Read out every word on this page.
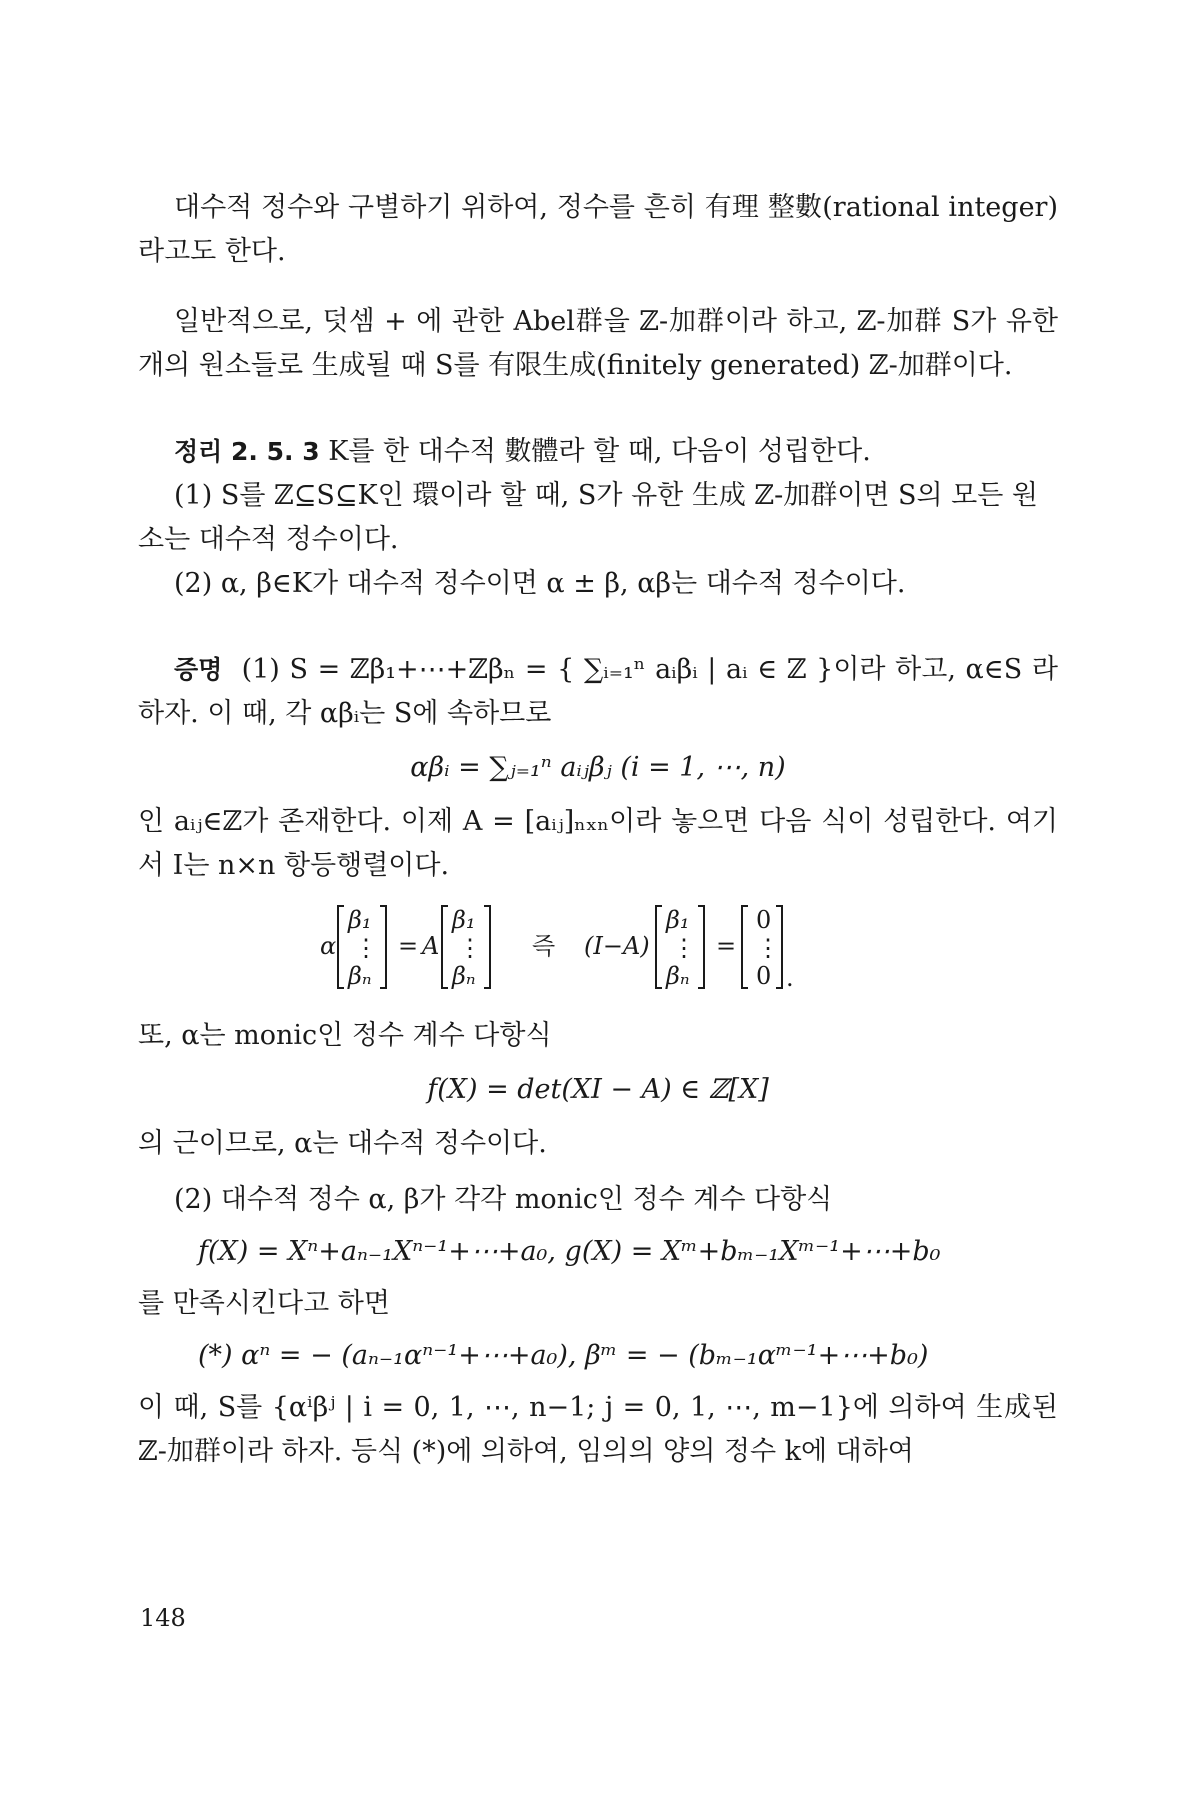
대수적 정수와 구별하기 위하여, 정수를 흔히 有理 整數(rational integer)라고도 한다.

일반적으로, 덧셈 + 에 관한 Abel群을 ℤ-加群이라 하고, ℤ-加群 S가 유한 개의 원소들로 生成될 때 S를 有限生成(finitely generated) ℤ-加群이다.

정리 2. 5. 3 K를 한 대수적 數體라 할 때, 다음이 성립한다.

(1) S를 ℤ⊆S⊆K인 環이라 할 때, S가 유한 生成 ℤ-加群이면 S의 모든 원소는 대수적 정수이다.

(2) α, β∈K가 대수적 정수이면 α ± β, αβ는 대수적 정수이다.

증명 (1) S = ℤβ₁+⋯+ℤβₙ = { ∑ᵢ₌₁ⁿ aᵢβᵢ | aᵢ ∈ ℤ }이라 하고, α∈S 라 하자. 이 때, 각 αβᵢ는 S에 속하므로

αβᵢ = ∑ⱼ₌₁ⁿ aᵢⱼβⱼ (i = 1, ⋯, n)

인 aᵢⱼ∈ℤ가 존재한다. 이제 A = [aᵢⱼ]ₙₓₙ이라 놓으면 다음 식이 성립한다. 여기서 I는 n×n 항등행렬이다.

α
β₁
⋮
βₙ
= A
β₁
⋮
βₙ
즉 (I−A)
β₁
⋮
βₙ
=
0
⋮
0 .

또, α는 monic인 정수 계수 다항식

f(X) = det(XI − A) ∈ ℤ[X]

의 근이므로, α는 대수적 정수이다.

(2) 대수적 정수 α, β가 각각 monic인 정수 계수 다항식

f(X) = Xⁿ+aₙ₋₁Xⁿ⁻¹+⋯+a₀, g(X) = Xᵐ+bₘ₋₁Xᵐ⁻¹+⋯+b₀

를 만족시킨다고 하면

(*) αⁿ = − (aₙ₋₁αⁿ⁻¹+⋯+a₀), βᵐ = − (bₘ₋₁αᵐ⁻¹+⋯+b₀)

이 때, S를 {αⁱβʲ | i = 0, 1, ⋯, n−1; j = 0, 1, ⋯, m−1}에 의하여 生成된 ℤ-加群이라 하자. 등식 (*)에 의하여, 임의의 양의 정수 k에 대하여

148
